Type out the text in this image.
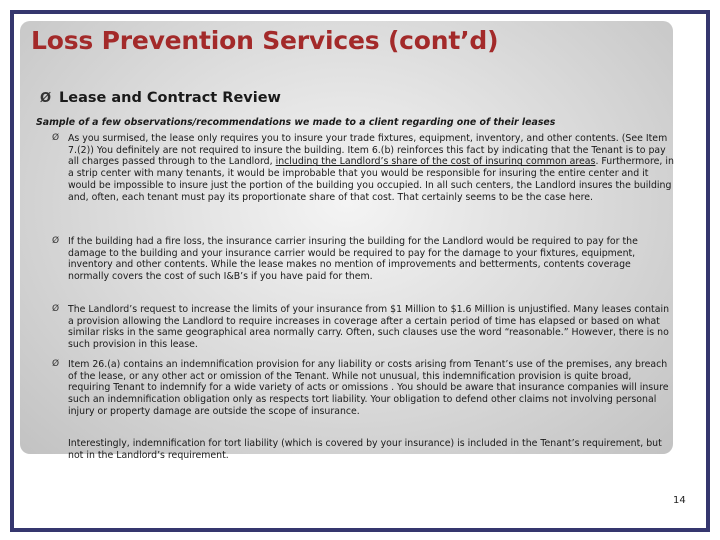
Loss Prevention Services (cont’d)
Ø Lease and Contract Review
Sample of a few observations/recommendations we made to a client regarding one of their leases
Ø As you surmised, the lease only requires you to insure your trade fixtures, equipment, inventory, and other contents. (See Item 7.(2)) You definitely are not required to insure the building. Item 6.(b) reinforces this fact by indicating that the Tenant is to pay all charges passed through to the Landlord, including the Landlord’s share of the cost of insuring common areas. Furthermore, in a strip center with many tenants, it would be improbable that you would be responsible for insuring the entire center and it would be impossible to insure just the portion of the building you occupied. In all such centers, the Landlord insures the building and, often, each tenant must pay its proportionate share of that cost. That certainly seems to be the case here.
Ø If the building had a fire loss, the insurance carrier insuring the building for the Landlord would be required to pay for the damage to the building and your insurance carrier would be required to pay for the damage to your fixtures, equipment, inventory and other contents. While the lease makes no mention of improvements and betterments, contents coverage normally covers the cost of such I&B’s if you have paid for them.
Ø The Landlord’s request to increase the limits of your insurance from $1 Million to $1.6 Million is unjustified. Many leases contain a provision allowing the Landlord to require increases in coverage after a certain period of time has elapsed or based on what similar risks in the same geographical area normally carry. Often, such clauses use the word “reasonable.” However, there is no such provision in this lease.
Ø Item 26.(a) contains an indemnification provision for any liability or costs arising from Tenant’s use of the premises, any breach of the lease, or any other act or omission of the Tenant. While not unusual, this indemnification provision is quite broad, requiring Tenant to indemnify for a wide variety of acts or omissions . You should be aware that insurance companies will insure such an indemnification obligation only as respects tort liability. Your obligation to defend other claims not involving personal injury or property damage are outside the scope of insurance.
Interestingly, indemnification for tort liability (which is covered by your insurance) is included in the Tenant’s requirement, but not in the Landlord’s requirement.
14
